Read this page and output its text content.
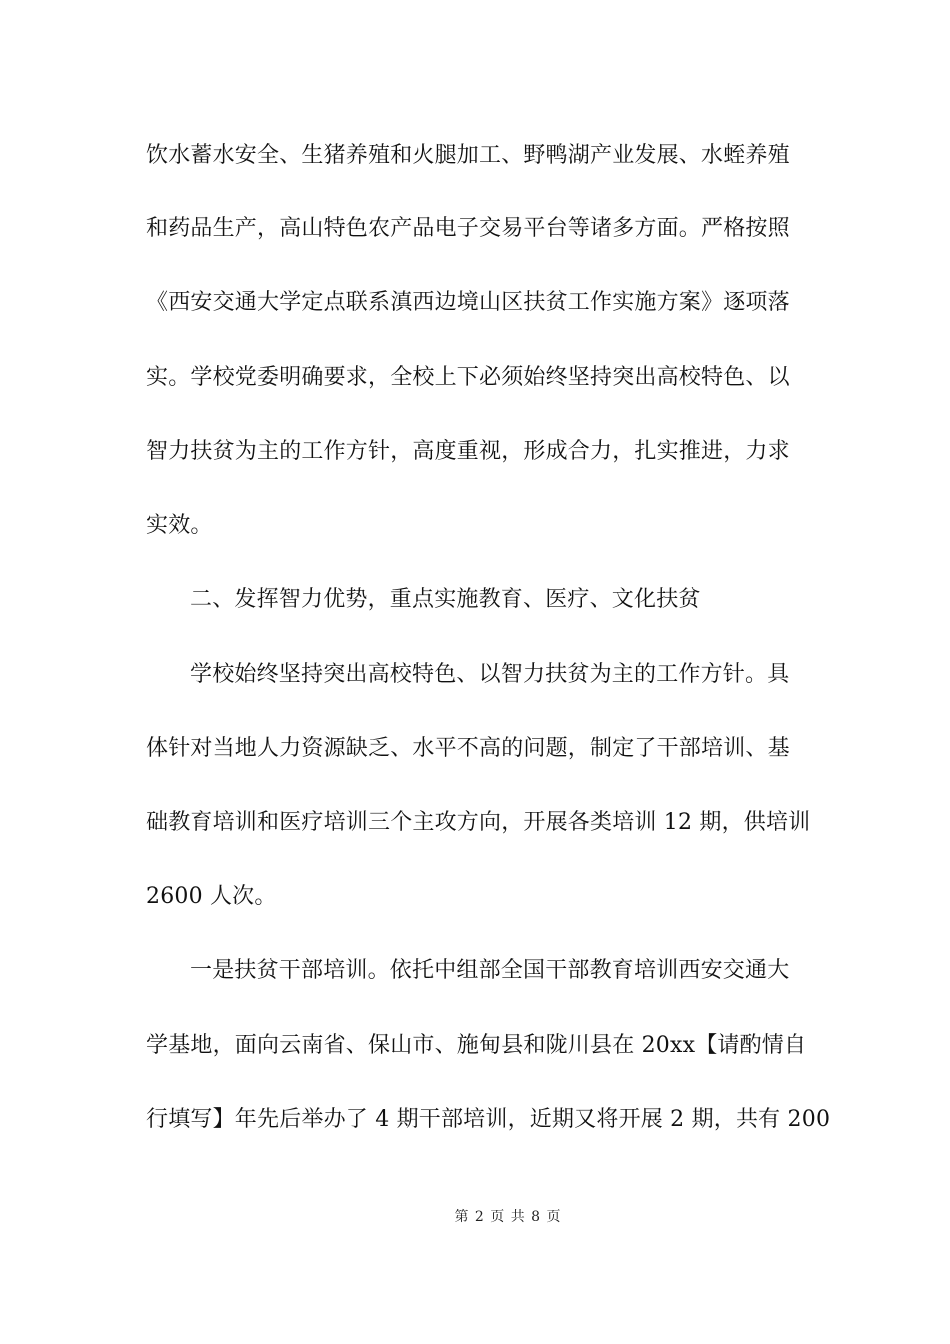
饮水蓄水安全、生猪养殖和火腿加工、野鸭湖产业发展、水蛭养殖
和药品生产，高山特色农产品电子交易平台等诸多方面。严格按照
《西安交通大学定点联系滇西边境山区扶贫工作实施方案》逐项落
实。学校党委明确要求，全校上下必须始终坚持突出高校特色、以
智力扶贫为主的工作方针，高度重视，形成合力，扎实推进，力求
实效。
二、发挥智力优势，重点实施教育、医疗、文化扶贫
学校始终坚持突出高校特色、以智力扶贫为主的工作方针。具
体针对当地人力资源缺乏、水平不高的问题，制定了干部培训、基
础教育培训和医疗培训三个主攻方向，开展各类培训 12 期，供培训
2600 人次。
一是扶贫干部培训。依托中组部全国干部教育培训西安交通大
学基地，面向云南省、保山市、施甸县和陇川县在 20xx【请酌情自
行填写】年先后举办了 4 期干部培训，近期又将开展 2 期，共有 200
第 2 页 共 8 页
